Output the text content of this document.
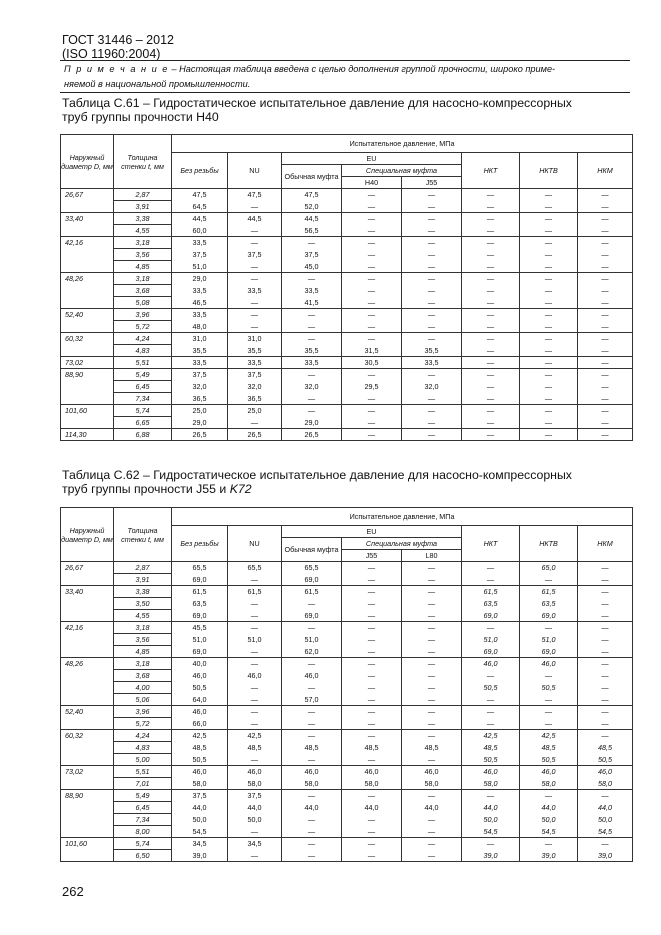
ГОСТ 31446 – 2012
(ISO 11960:2004)
П р и м е ч а н и е – Настоящая таблица введена с целью дополнения группой прочности, широко приме-
няемой в национальной промышленности.
Таблица С.61 – Гидростатическое испытательное давление для насосно-компрессорных
труб группы прочности H40
Наружный диаметр D, мм	Толщина стенки t, мм	Испытательное давление, МПа							
		Без резьбы	NU	EU			НКТ	НКТВ	НКМ
				Обычная муфта	Специальная муфта				
					H40	J55			
26,67	2,87	47,5	47,5	47,5	—	—	—	—	—
	3,91	64,5	—	52,0	—	—	—	—	—
33,40	3,38	44,5	44,5	44,5	—	—	—	—	—
	4,55	60,0	—	56,5	—	—	—	—	—
42,16	3,18	33,5	—	—	—	—	—	—	—
	3,56	37,5	37,5	37,5	—	—	—	—	—
	4,85	51,0	—	45,0	—	—	—	—	—
48,26	3,18	29,0	—	—	—	—	—	—	—
	3,68	33,5	33,5	33,5	—	—	—	—	—
	5,08	46,5	—	41,5	—	—	—	—	—
52,40	3,96	33,5	—	—	—	—	—	—	—
	5,72	48,0	—	—	—	—	—	—	—
60,32	4,24	31,0	31,0	—	—	—	—	—	—
	4,83	35,5	35,5	35,5	31,5	35,5	—	—	—
73,02	5,51	33,5	33,5	33,5	30,5	33,5	—	—	—
88,90	5,49	37,5	37,5	—	—	—	—	—	—
	6,45	32,0	32,0	32,0	29,5	32,0	—	—	—
	7,34	36,5	36,5	—	—	—	—	—	—
101,60	5,74	25,0	25,0	—	—	—	—	—	—
	6,65	29,0	—	29,0	—	—	—	—	—
114,30	6,88	26,5	26,5	26,5	—	—	—	—	—
Таблица С.62 – Гидростатическое испытательное давление для насосно-компрессорных
труб группы прочности J55 и K72
Наружный диаметр D, мм	Толщина стенки t, мм	Испытательное давление, МПа							
		Без резьбы	NU	EU			НКТ	НКТВ	НКМ
				Обычная муфта	Специальная муфта				
					J55	L80			
26,67	2,87	65,5	65,5	65,5	—	—	—	65,0	—
	3,91	69,0	—	69,0	—	—	—	—	—
33,40	3,38	61,5	61,5	61,5	—	—	61,5	61,5	—
	3,50	63,5	—	—	—	—	63,5	63,5	—
	4,55	69,0	—	69,0	—	—	69,0	69,0	—
42,16	3,18	45,5	—	—	—	—	—	—	—
	3,56	51,0	51,0	51,0	—	—	51,0	51,0	—
	4,85	69,0	—	62,0	—	—	69,0	69,0	—
48,26	3,18	40,0	—	—	—	—	46,0	46,0	—
	3,68	46,0	46,0	46,0	—	—	—	—	—
	4,00	50,5	—	—	—	—	50,5	50,5	—
	5,06	64,0	—	57,0	—	—	—	—	—
52,40	3,96	46,0	—	—	—	—	—	—	—
	5,72	66,0	—	—	—	—	—	—	—
60,32	4,24	42,5	42,5	—	—	—	42,5	42,5	—
	4,83	48,5	48,5	48,5	48,5	48,5	48,5	48,5	48,5
	5,00	50,5	—	—	—	—	50,5	50,5	50,5
73,02	5,51	46,0	46,0	46,0	46,0	46,0	46,0	46,0	46,0
	7,01	58,0	58,0	58,0	58,0	58,0	58,0	58,0	58,0
88,90	5,49	37,5	37,5	—	—	—	—	—	—
	6,45	44,0	44,0	44,0	44,0	44,0	44,0	44,0	44,0
	7,34	50,0	50,0	—	—	—	50,0	50,0	50,0
	8,00	54,5	—	—	—	—	54,5	54,5	54,5
101,60	5,74	34,5	34,5	—	—	—	—	—	—
	6,50	39,0	—	—	—	—	39,0	39,0	39,0
262
